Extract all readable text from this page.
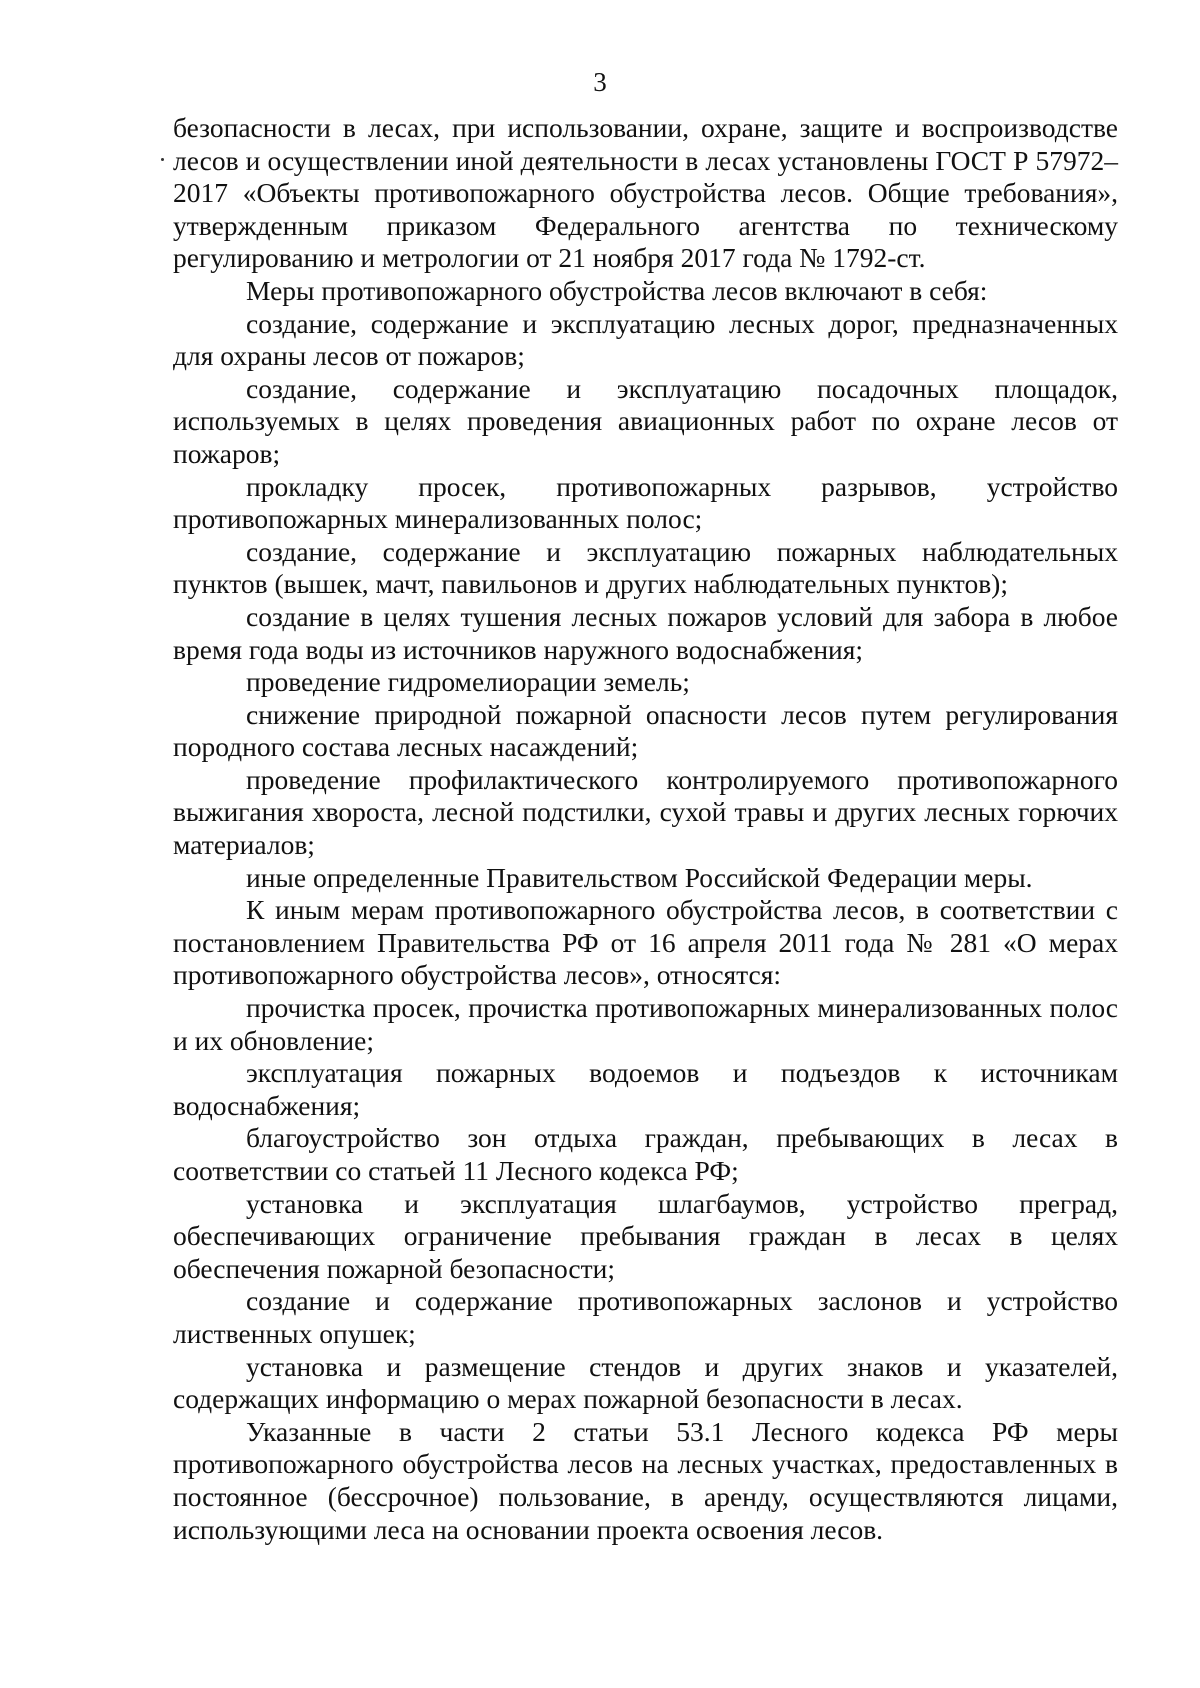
3

безопасности в лесах, при использовании, охране, защите и воспроизводстве лесов и осуществлении иной деятельности в лесах установлены ГОСТ Р 57972–2017 «Объекты противопожарного обустройства лесов. Общие требования», утвержденным приказом Федерального агентства по техническому регулированию и метрологии от 21 ноября 2017 года № 1792-ст.

Меры противопожарного обустройства лесов включают в себя:

создание, содержание и эксплуатацию лесных дорог, предназначенных для охраны лесов от пожаров;

создание, содержание и эксплуатацию посадочных площадок, используемых в целях проведения авиационных работ по охране лесов от пожаров;

прокладку просек, противопожарных разрывов, устройство противопожарных минерализованных полос;

создание, содержание и эксплуатацию пожарных наблюдательных пунктов (вышек, мачт, павильонов и других наблюдательных пунктов);

создание в целях тушения лесных пожаров условий для забора в любое время года воды из источников наружного водоснабжения;

проведение гидромелиорации земель;

снижение природной пожарной опасности лесов путем регулирования породного состава лесных насаждений;

проведение профилактического контролируемого противопожарного выжигания хвороста, лесной подстилки, сухой травы и других лесных горючих материалов;

иные определенные Правительством Российской Федерации меры.

К иным мерам противопожарного обустройства лесов, в соответствии с постановлением Правительства РФ от 16 апреля 2011 года № 281 «О мерах противопожарного обустройства лесов», относятся:

прочистка просек, прочистка противопожарных минерализованных полос и их обновление;

эксплуатация пожарных водоемов и подъездов к источникам водоснабжения;

благоустройство зон отдыха граждан, пребывающих в лесах в соответствии со статьей 11 Лесного кодекса РФ;

установка и эксплуатация шлагбаумов, устройство преград, обеспечивающих ограничение пребывания граждан в лесах в целях обеспечения пожарной безопасности;

создание и содержание противопожарных заслонов и устройство лиственных опушек;

установка и размещение стендов и других знаков и указателей, содержащих информацию о мерах пожарной безопасности в лесах.

Указанные в части 2 статьи 53.1 Лесного кодекса РФ меры противопожарного обустройства лесов на лесных участках, предоставленных в постоянное (бессрочное) пользование, в аренду, осуществляются лицами, использующими леса на основании проекта освоения лесов.
